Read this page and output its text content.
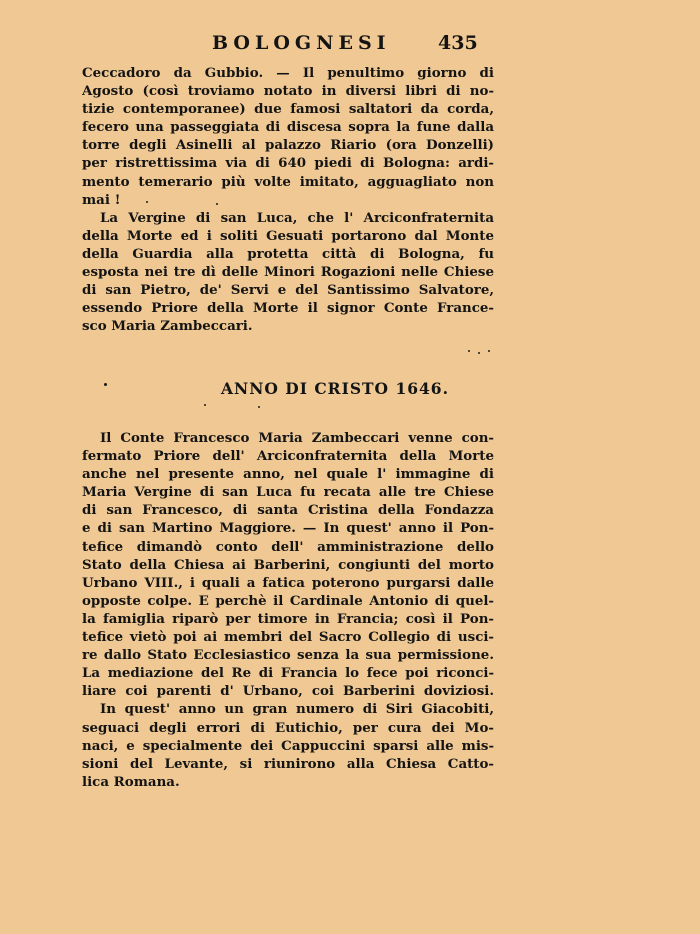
BOLOGNESI 435
Ceccadoro da Gubbio. — Il penultimo giorno di
Agosto (così troviamo notato in diversi libri di no-
tizie contemporanee) due famosi saltatori da corda,
fecero una passeggiata di discesa sopra la fune dalla
torre degli Asinelli al palazzo Riario (ora Donzelli)
per ristrettissima via di 640 piedi di Bologna: ardi-
mento temerario più volte imitato, agguagliato non
mai !
La Vergine di san Luca, che l' Arciconfraternita
della Morte ed i soliti Gesuati portarono dal Monte
della Guardia alla protetta città di Bologna, fu
esposta nei tre dì delle Minori Rogazioni nelle Chiese
di san Pietro, de' Servi e del Santissimo Salvatore,
essendo Priore della Morte il signor Conte France-
sco Maria Zambeccari.
ANNO DI CRISTO 1646.
Il Conte Francesco Maria Zambeccari venne con-
fermato Priore dell' Arciconfraternita della Morte
anche nel presente anno, nel quale l' immagine di
Maria Vergine di san Luca fu recata alle tre Chiese
di san Francesco, di santa Cristina della Fondazza
e di san Martino Maggiore. — In quest' anno il Pon-
tefice dimandò conto dell' amministrazione dello
Stato della Chiesa ai Barberini, congiunti del morto
Urbano VIII., i quali a fatica poterono purgarsi dalle
opposte colpe. E perchè il Cardinale Antonio di quel-
la famiglia riparò per timore in Francia; così il Pon-
tefice vietò poi ai membri del Sacro Collegio di usci-
re dallo Stato Ecclesiastico senza la sua permissione.
La mediazione del Re di Francia lo fece poi riconci-
liare coi parenti d' Urbano, coi Barberini doviziosi.
In quest' anno un gran numero di Siri Giacobiti,
seguaci degli errori di Eutichio, per cura dei Mo-
naci, e specialmente dei Cappuccini sparsi alle mis-
sioni del Levante, si riunirono alla Chiesa Catto-
lica Romana.
